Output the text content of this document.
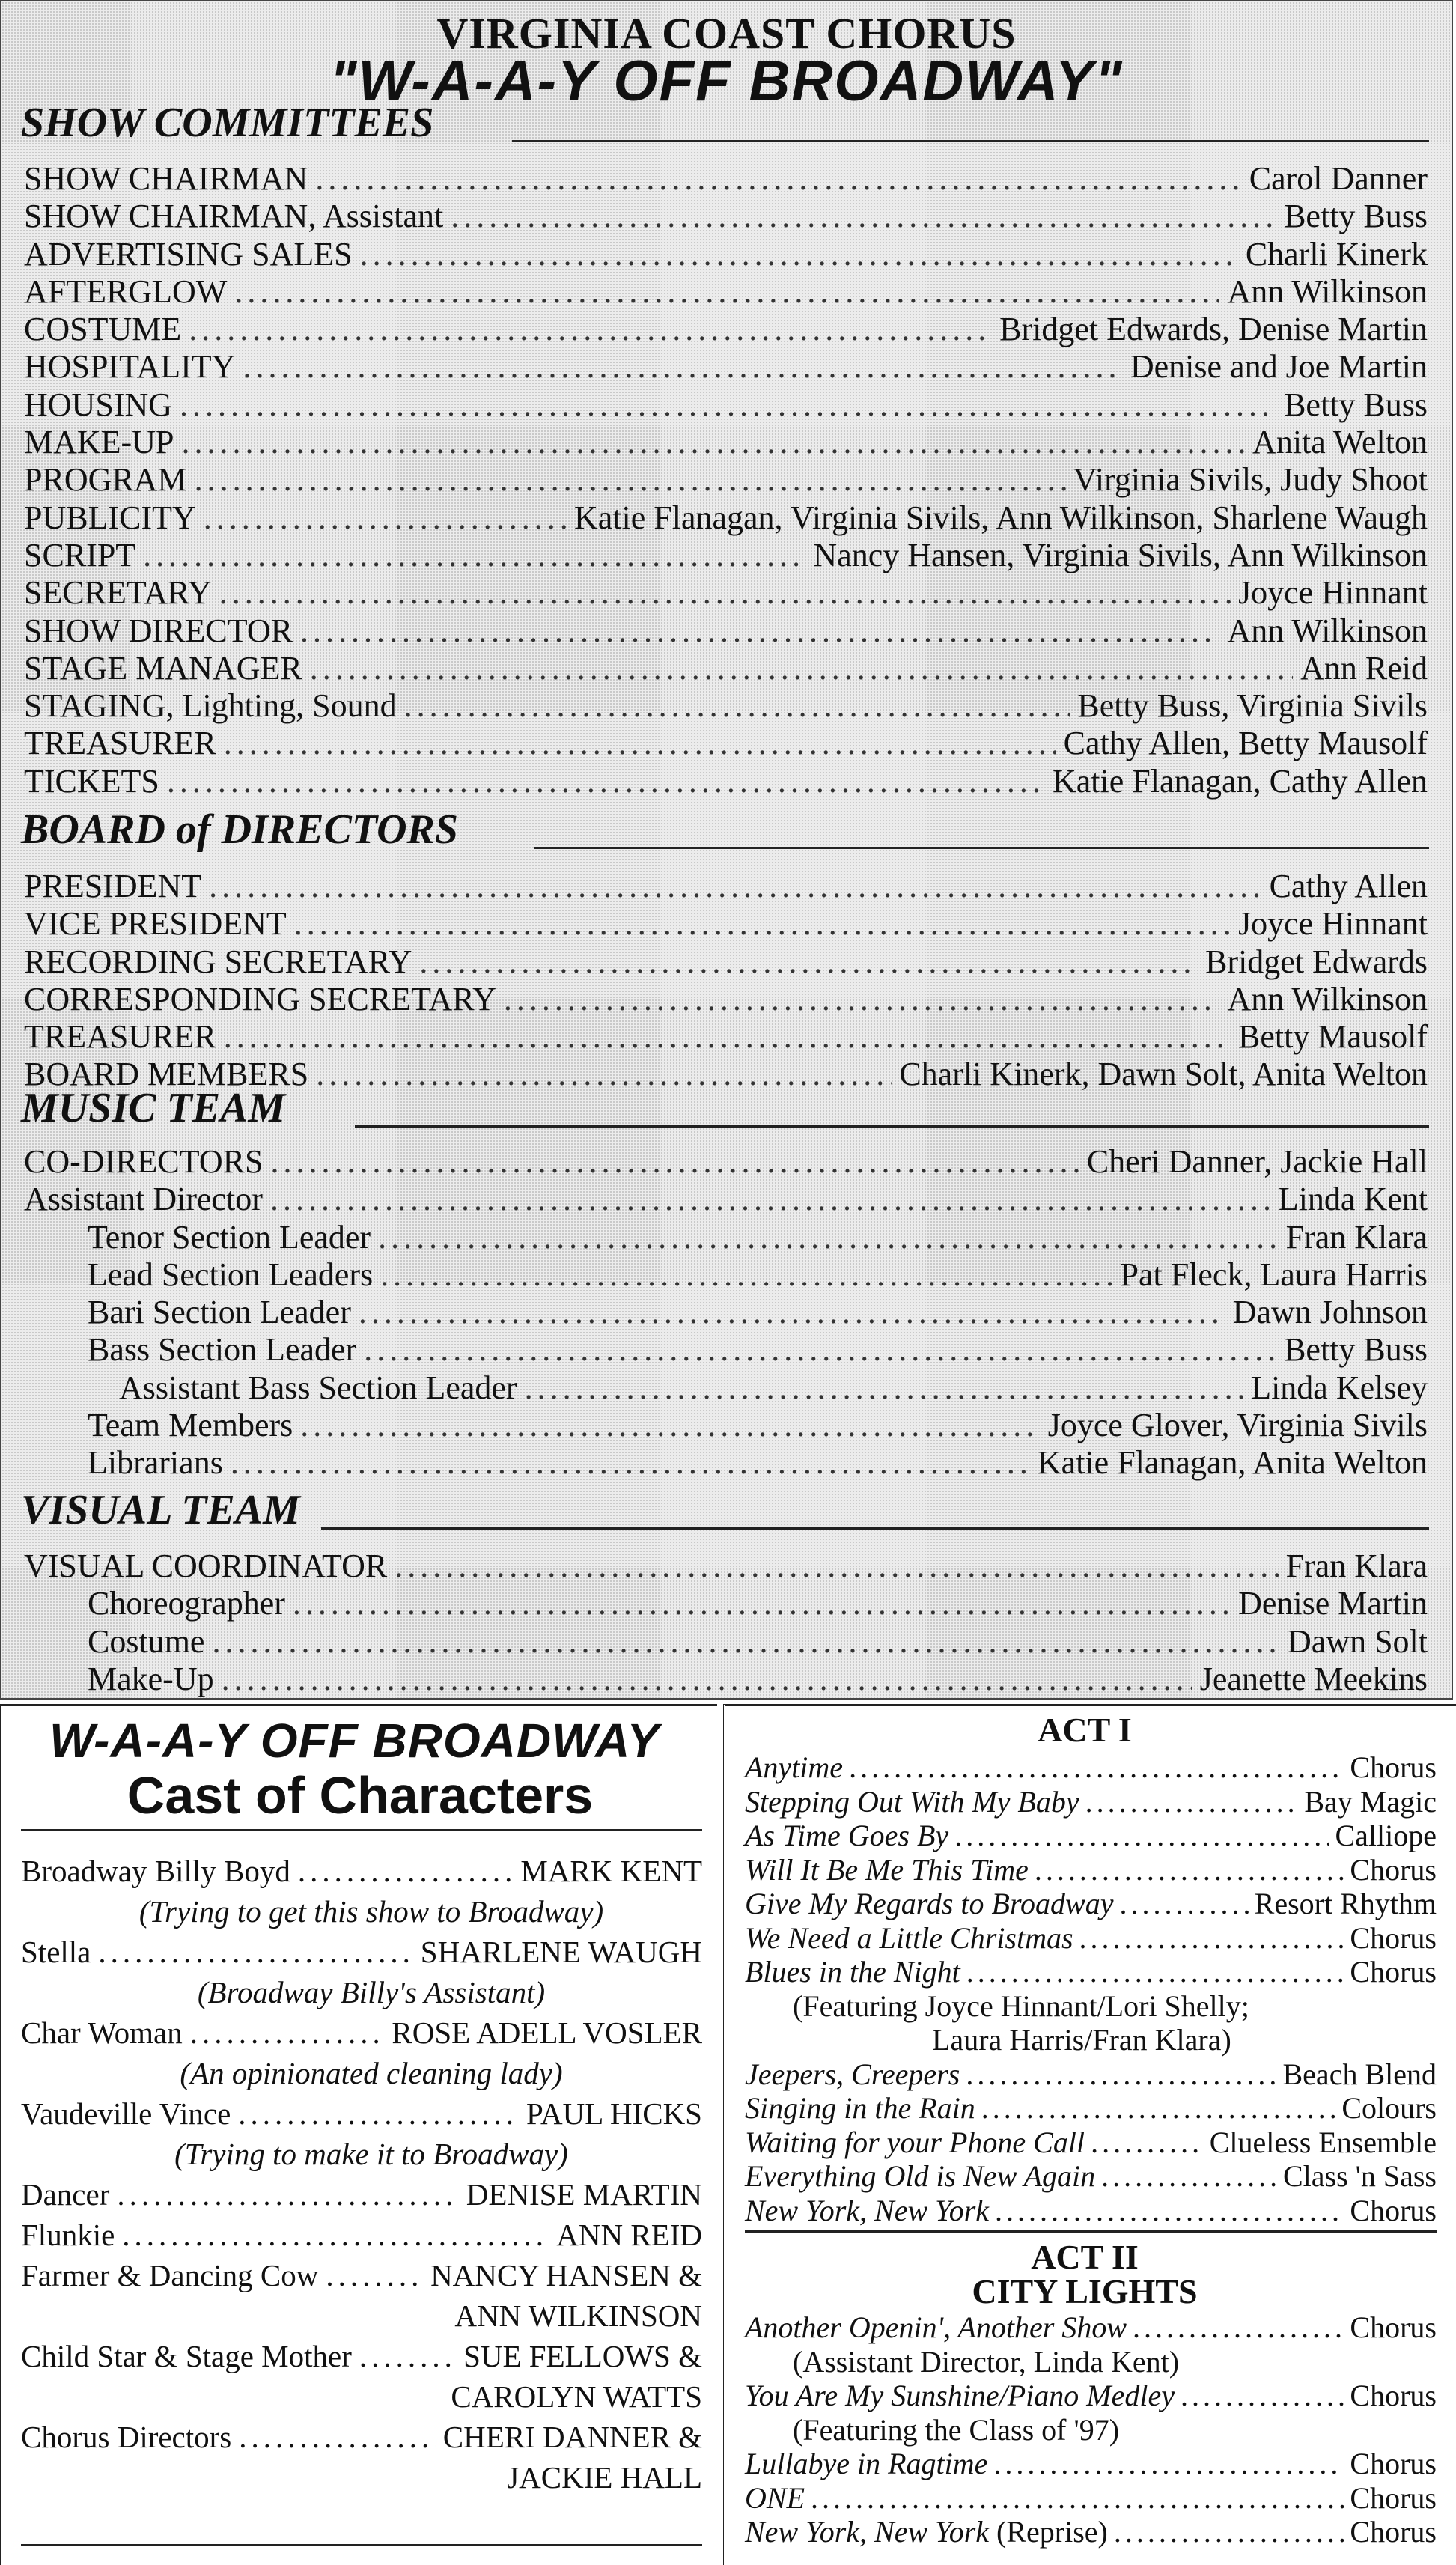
VIRGINIA COAST CHORUS
"W-A-A-Y OFF BROADWAY"
SHOW COMMITTEES
SHOW CHAIRMAN .....	Carol Danner
SHOW CHAIRMAN, Assistant .....	Betty Buss
ADVERTISING SALES .....	Charli Kinerk
AFTERGLOW .....	Ann Wilkinson
COSTUME .....	Bridget Edwards, Denise Martin
HOSPITALITY .....	Denise and Joe Martin
HOUSING .....	Betty Buss
MAKE-UP .....	Anita Welton
PROGRAM .....	Virginia Sivils, Judy Shoot
PUBLICITY .....	Katie Flanagan, Virginia Sivils, Ann Wilkinson, Sharlene Waugh
SCRIPT .....	Nancy Hansen, Virginia Sivils, Ann Wilkinson
SECRETARY .....	Joyce Hinnant
SHOW DIRECTOR .....	Ann Wilkinson
STAGE MANAGER .....	Ann Reid
STAGING, Lighting, Sound .....	Betty Buss, Virginia Sivils
TREASURER .....	Cathy Allen, Betty Mausolf
TICKETS .....	Katie Flanagan, Cathy Allen
BOARD of DIRECTORS
PRESIDENT .....	Cathy Allen
VICE PRESIDENT .....	Joyce Hinnant
RECORDING SECRETARY .....	Bridget Edwards
CORRESPONDING SECRETARY .....	Ann Wilkinson
TREASURER .....	Betty Mausolf
BOARD MEMBERS .....	Charli Kinerk, Dawn Solt, Anita Welton
MUSIC TEAM
CO-DIRECTORS .....	Cheri Danner, Jackie Hall
Assistant Director .....	Linda Kent
Tenor Section Leader .....	Fran Klara
Lead Section Leaders .....	Pat Fleck, Laura Harris
Bari Section Leader .....	Dawn Johnson
Bass Section Leader .....	Betty Buss
Assistant Bass Section Leader .....	Linda Kelsey
Team Members .....	Joyce Glover, Virginia Sivils
Librarians .....	Katie Flanagan, Anita Welton
VISUAL TEAM
VISUAL COORDINATOR .....	Fran Klara
Choreographer .....	Denise Martin
Costume .....	Dawn Solt
Make-Up .....	Jeanette Meekins
W-A-A-Y OFF BROADWAY
Cast of Characters
Broadway Billy Boyd .....	MARK KENT
(Trying to get this show to Broadway)
Stella .....	SHARLENE WAUGH
(Broadway Billy's Assistant)
Char Woman .....	ROSE ADELL VOSLER
(An opinionated cleaning lady)
Vaudeville Vince .....	PAUL HICKS
(Trying to make it to Broadway)
Dancer .....	DENISE MARTIN
Flunkie .....	ANN REID
Farmer & Dancing Cow .....	NANCY HANSEN &
ANN WILKINSON
Child Star & Stage Mother .....	SUE FELLOWS &
CAROLYN WATTS
Chorus Directors .....	CHERI DANNER &
JACKIE HALL
ACT I
Anytime .....	Chorus
Stepping Out With My Baby .....	Bay Magic
As Time Goes By .....	Calliope
Will It Be Me This Time .....	Chorus
Give My Regards to Broadway .....	Resort Rhythm
We Need a Little Christmas .....	Chorus
Blues in the Night .....	Chorus
(Featuring Joyce Hinnant/Lori Shelly;
Laura Harris/Fran Klara)
Jeepers, Creepers .....	Beach Blend
Singing in the Rain .....	Colours
Waiting for your Phone Call .....	Clueless Ensemble
Everything Old is New Again .....	Class 'n Sass
New York, New York .....	Chorus
ACT II
CITY LIGHTS
Another Openin', Another Show .....	Chorus
(Assistant Director, Linda Kent)
You Are My Sunshine/Piano Medley .....	Chorus
(Featuring the Class of '97)
Lullabye in Ragtime .....	Chorus
ONE .....	Chorus
New York, New York (Reprise) .....	Chorus
